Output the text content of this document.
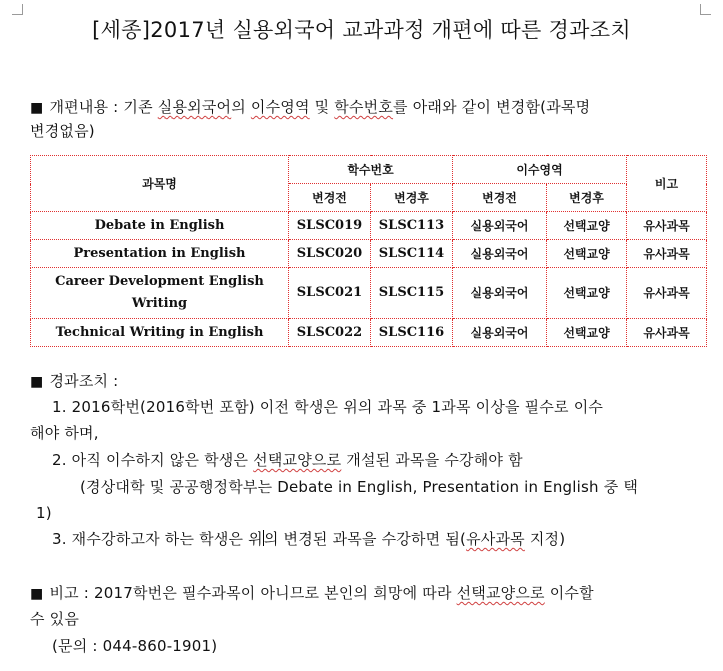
[세종]2017년 실용외국어 교과과정 개편에 따른 경과조치
■ 개편내용 : 기존 실용외국어의 이수영역 및 학수번호를 아래와 같이 변경함(과목명
변경없음)
과목명	학수번호		이수영역		비고
	변경전	변경후	변경전	변경후	
Debate in English	SLSC019	SLSC113	실용외국어	선택교양	유사과목
Presentation in English	SLSC020	SLSC114	실용외국어	선택교양	유사과목

Career Development English
Writing	SLSC021	SLSC115	실용외국어	선택교양	유사과목
Technical Writing in English	SLSC022	SLSC116	실용외국어	선택교양	유사과목
■ 경과조치 :
1. 2016학번(2016학번 포함) 이전 학생은 위의 과목 중 1과목 이상을 필수로 이수
해야 하며,
2. 아직 이수하지 않은 학생은 선택교양으로 개설된 과목을 수강해야 함
(경상대학 및 공공행정학부는 Debate in English, Presentation in English 중 택
1)
3. 재수강하고자 하는 학생은 위의 변경된 과목을 수강하면 됨(유사과목 지정)
■ 비고 : 2017학번은 필수과목이 아니므로 본인의 희망에 따라 선택교양으로 이수할
수 있음
(문의 : 044-860-1901)
